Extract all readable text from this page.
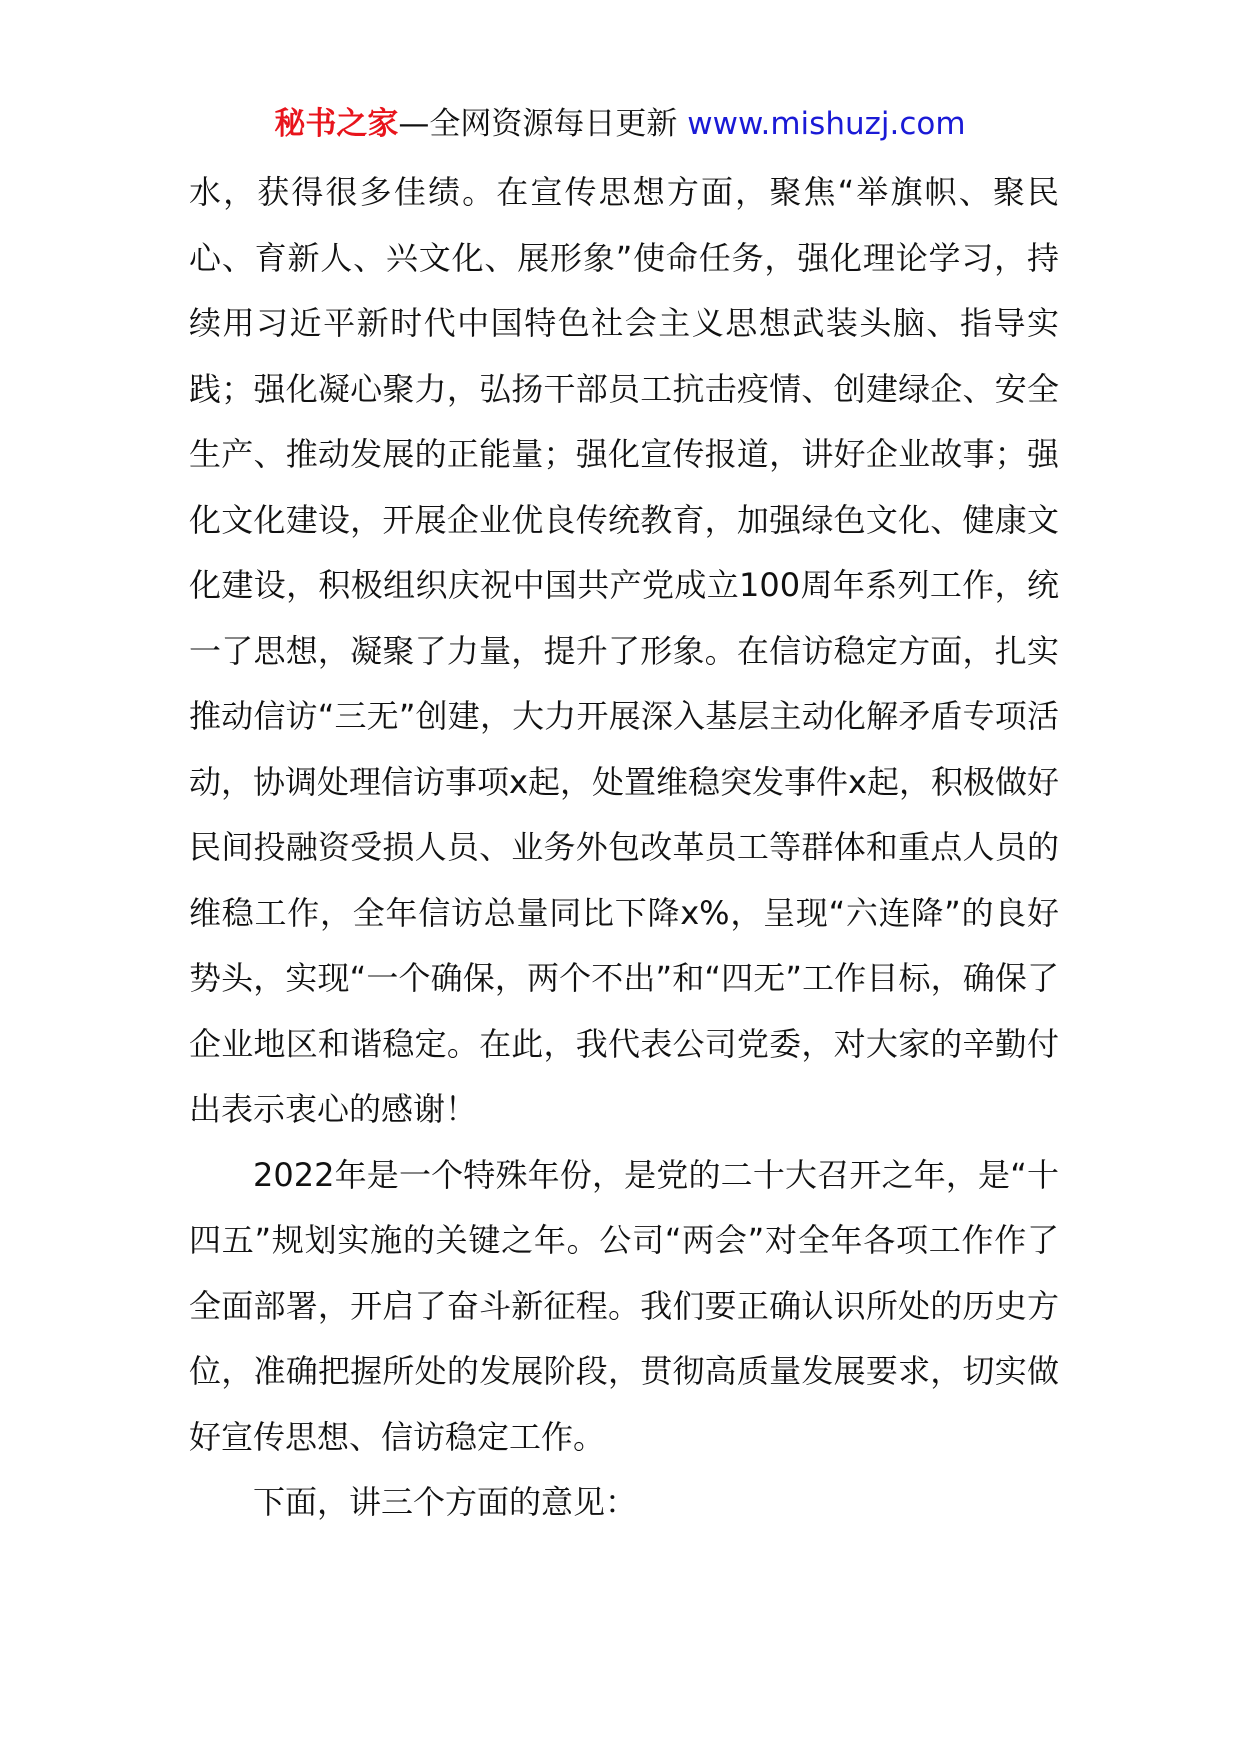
秘书之家—全网资源每日更新 www.mishuzj.com

水，获得很多佳绩。在宣传思想方面，聚焦“举旗帜、聚民心、育新人、兴文化、展形象”使命任务，强化理论学习，持续用习近平新时代中国特色社会主义思想武装头脑、指导实践；强化凝心聚力，弘扬干部员工抗击疫情、创建绿企、安全生产、推动发展的正能量；强化宣传报道，讲好企业故事；强化文化建设，开展企业优良传统教育，加强绿色文化、健康文化建设，积极组织庆祝中国共产党成立100周年系列工作，统一了思想，凝聚了力量，提升了形象。在信访稳定方面，扎实推动信访“三无”创建，大力开展深入基层主动化解矛盾专项活动，协调处理信访事项x起，处置维稳突发事件x起，积极做好民间投融资受损人员、业务外包改革员工等群体和重点人员的维稳工作，全年信访总量同比下降x%，呈现“六连降”的良好势头，实现“一个确保，两个不出”和“四无”工作目标，确保了企业地区和谐稳定。在此，我代表公司党委，对大家的辛勤付出表示衷心的感谢！

2022年是一个特殊年份，是党的二十大召开之年，是“十四五”规划实施的关键之年。公司“两会”对全年各项工作作了全面部署，开启了奋斗新征程。我们要正确认识所处的历史方位，准确把握所处的发展阶段，贯彻高质量发展要求，切实做好宣传思想、信访稳定工作。

下面，讲三个方面的意见：
